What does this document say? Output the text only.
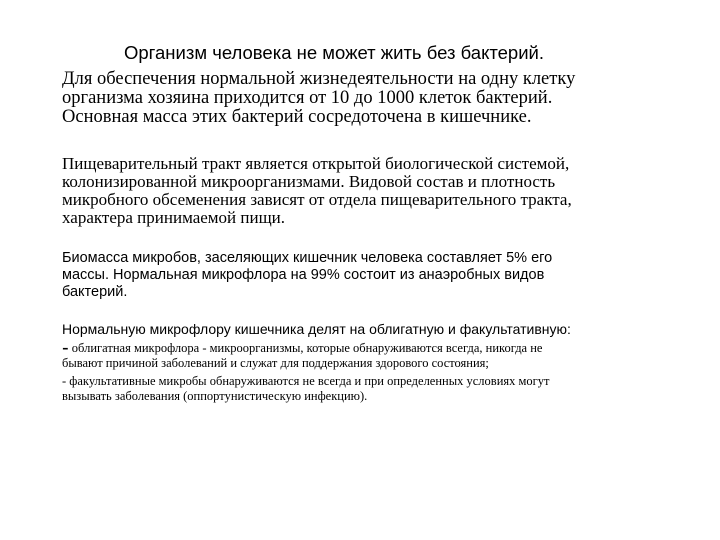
Организм человека не может жить без бактерий.
Для обеспечения нормальной жизнедеятельности на одну клетку
организма хозяина приходится от 10 до 1000 клеток бактерий.
Основная масса этих бактерий сосредоточена в кишечнике.
Пищеварительный тракт является открытой биологической системой,
колонизированной микроорганизмами. Видовой состав и плотность
микробного обсеменения зависят от отдела пищеварительного тракта,
характера принимаемой пищи.
Биомасса микробов, заселяющих кишечник человека составляет 5% его
массы. Нормальная микрофлора на 99% состоит из анаэробных видов
бактерий.
Нормальную микрофлору кишечника делят на облигатную и факультативную:
- облигатная микрофлора - микроорганизмы, которые обнаруживаются всегда, никогда не
бывают причиной заболеваний и служат для поддержания здорового состояния;
- факультативные микробы обнаруживаются не всегда и при определенных условиях могут
вызывать заболевания (оппортунистическую инфекцию).
